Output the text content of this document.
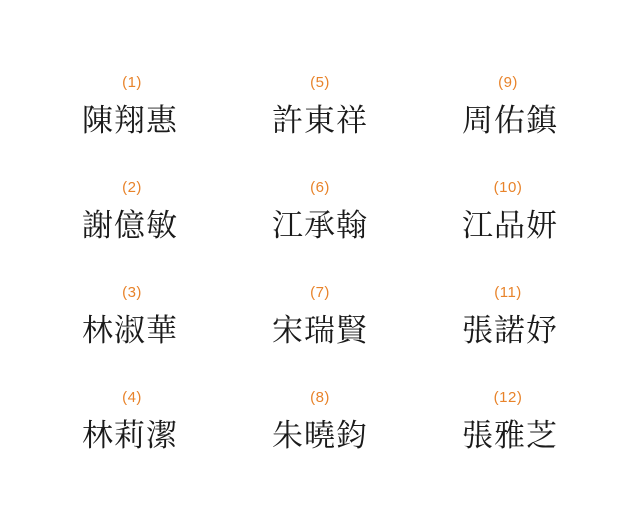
(1)
陳翔惠
(5)
許東祥
(9)
周佑鎮
(2)
謝億敏
(6)
江承翰
(10)
江品妍
(3)
林淑華
(7)
宋瑞賢
(11)
張諾妤
(4)
林莉潔
(8)
朱曉鈞
(12)
張雅芝
